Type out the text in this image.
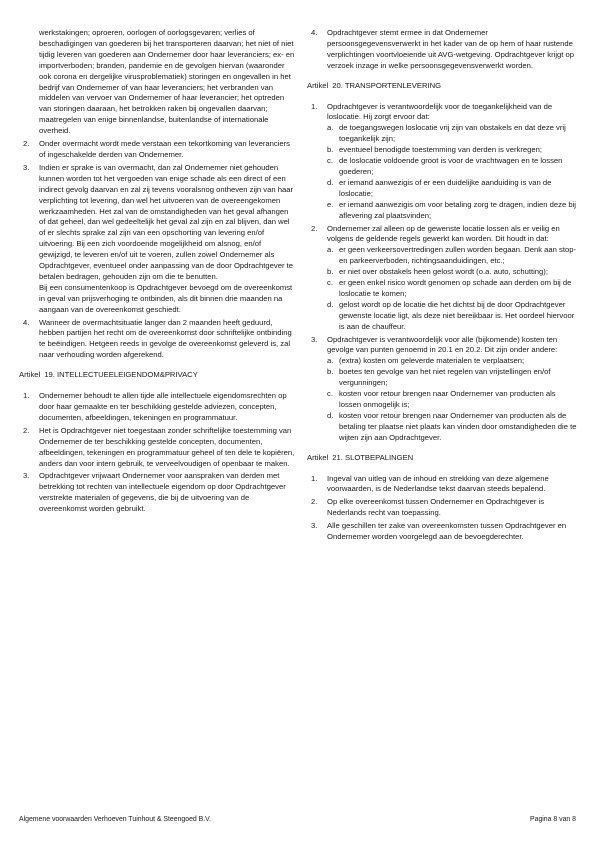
werkstakingen; oproeren, oorlogen of oorlogsgevaren; verlies of beschadigingen van goederen bij het transporteren daarvan; het niet of niet tijdig leveren van goederen aan Ondernemer door haar leveranciers; ex- en importverboden; branden, pandemie en de gevolgen hiervan (waaronder ook corona en dergelijke virusproblematiek) storingen en ongevallen in het bedrijf van Ondernemer of van haar leveranciers; het verbranden van middelen van vervoer van Ondernemer of haar leverancier; het optreden van storingen daaraan, het betrokken raken bij ongevallen daarvan; maatregelen van enige binnenlandse, buitenlandse of internationale overheid.

2. Onder overmacht wordt mede verstaan een tekortkoming van leveranciers of ingeschakelde derden van Ondernemer.

3. Indien er sprake is van overmacht, dan zal Ondernemer niet gehouden kunnen worden tot het vergoeden van enige schade als een direct of een indirect gevolg daarvan en zal zij tevens vooralsnog ontheven zijn van haar verplichting tot levering, dan wel het uitvoeren van de overeengekomen werkzaamheden. Het zal van de omstandigheden van het geval afhangen of dat geheel, dan wel gedeeltelijk het geval zal zijn en zal blijven, dan wel of er slechts sprake zal zijn van een opschorting van levering en/of uitvoering. Bij een zich voordoende mogelijkheid om alsnog, en/of gewijzigd, te leveren en/of uit te voeren, zullen zowel Ondernemer als Opdrachtgever, eventueel onder aanpassing van de door Opdrachtgever te betalen bedragen, gehouden zijn om die te benutten.

Bij een consumentenkoop is Opdrachtgever bevoegd om de overeenkomst in geval van prijsverhoging te ontbinden, als dit binnen drie maanden na aangaan van de overeenkomst geschiedt.

4. Wanneer de overmachtsituatie langer dan 2 maanden heeft geduurd, hebben partijen het recht om de overeenkomst door schriftelijke ontbinding te beëindigen. Hetgeen reeds in gevolge de overeenkomst geleverd is, zal naar verhouding worden afgerekend.

Artikel 19. INTELLECTUEELEIGENDOM&PRIVACY
1. Ondernemer behoudt te allen tijde alle intellectuele eigendomsrechten op door haar gemaakte en ter beschikking gestelde adviezen, concepten, documenten, afbeeldingen, tekeningen en programmatuur.

2. Het is Opdrachtgever niet toegestaan zonder schriftelijke toestemming van Ondernemer de ter beschikking gestelde concepten, documenten, afbeeldingen, tekeningen en programmatuur geheel of ten dele te kopiëren, anders dan voor intern gebruik, te verveelvoudigen of openbaar te maken.

3. Opdrachtgever vrijwaart Ondernemer voor aanspraken van derden met betrekking tot rechten van intellectuele eigendom op door Opdrachtgever verstrekte materialen of gegevens, die bij de uitvoering van de overeenkomst worden gebruikt.

4. Opdrachtgever stemt ermee in dat Ondernemer persoonsgegevensverwerkt in het kader van de op hem of haar rustende verplichtingen voortvloeiende uit AVG-wetgeving. Opdrachtgever krijgt op verzoek inzage in welke persoonsgegevensverwerkt worden.

Artikel 20. TRANSPORTENLEVERING
1. Opdrachtgever is verantwoordelijk voor de toegankelijkheid van de loslocatie. Hij zorgt ervoor dat:

a. de toegangswegen loslocatie vrij zijn van obstakels en dat deze vrij toegankelijk zijn;
b. eventueel benodigde toestemming van derden is verkregen;
c. de loslocatie voldoende groot is voor de vrachtwagen en te lossen goederen;
d. er iemand aanwezigis of er een duidelijke aanduiding is van de loslocatie;
e. er iemand aanwezigis om voor betaling zorg te dragen, indien deze bij aflevering zal plaatsvinden;
2. Ondernemer zal alleen op de gewenste locatie lossen als er veilig en volgens de geldende regels gewerkt kan worden. Dit houdt in dat:

a. er geen verkeersovertredingen zullen worden begaan. Denk aan stop- en parkeerverboden, richtingsaanduidingen, etc.;
b. er niet over obstakels heen gelost wordt (o.a. auto, schutting);
c. er geen enkel risico wordt genomen op schade aan derden om bij de loslocatie te komen;
d. gelost wordt op de locatie die het dichtst bij de door Opdrachtgever gewenste locatie ligt, als deze niet bereikbaar is. Het oordeel hiervoor is aan de chauffeur.
3. Opdrachtgever is verantwoordelijk voor alle (bijkomende) kosten ten gevolge van punten genoemd in 20.1 en 20.2. Dit zijn onder andere:

a. (extra) kosten om geleverde materialen te verplaatsen;
b. boetes ten gevolge van het niet regelen van vrijstellingen en/of vergunningen;
c. kosten voor retour brengen naar Ondernemer van producten als lossen onmogelijk is;
d. kosten voor retour brengen naar Ondernemer van producten als de betaling ter plaatse niet plaats kan vinden door omstandigheden die te wijten zijn aan Opdrachtgever.
Artikel 21. SLOTBEPALINGEN
1. Ingeval van uitleg van de inhoud en strekking van deze algemene voorwaarden, is de Nederlandse tekst daarvan steeds bepalend.

2. Op elke overeenkomst tussen Ondernemer en Opdrachtgever is Nederlands recht van toepassing.

3. Alle geschillen ter zake van overeenkomsten tussen Opdrachtgever en Ondernemer worden voorgelegd aan de bevoegderechter.

Algemene voorwaarden Verhoeven Tuinhout & Steengoed B.V.	Pagina 8 van 8
